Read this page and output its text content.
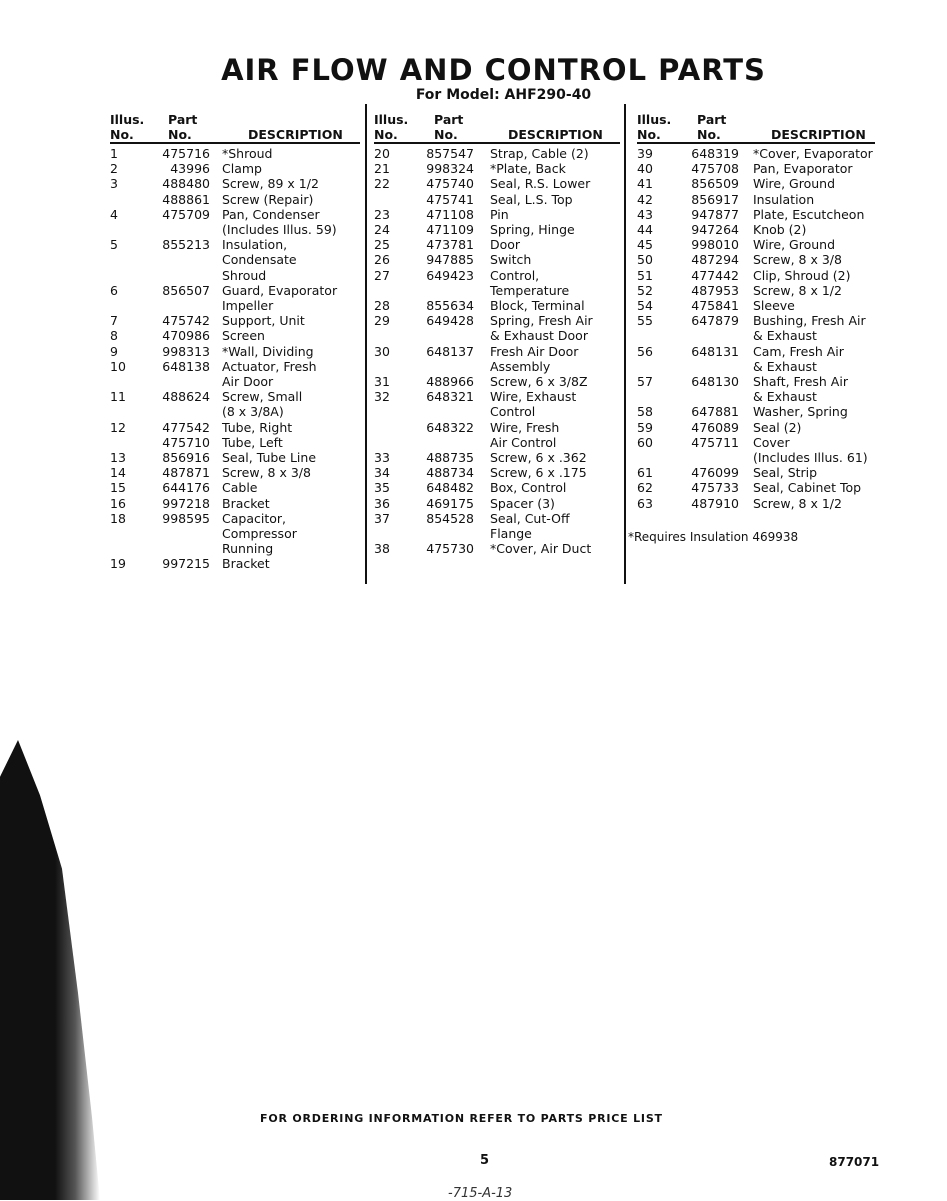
AIR FLOW AND CONTROL PARTS
For Model: AHF290-40
Illus.

No.
Part

No.	DESCRIPTION
1	475716 *Shroud
2	43996 Clamp
3	488480 Screw, 89 x 1/2
488861 Screw (Repair)
4	475709 Pan, Condenser
(Includes Illus. 59)
5	855213 Insulation,
Condensate
Shroud
6	856507 Guard, Evaporator
Impeller
7	475742 Support, Unit
8	470986 Screen
9	998313 *Wall, Dividing
10	648138 Actuator, Fresh
Air Door
11	488624 Screw, Small
(8 x 3/8A)
12	477542 Tube, Right
475710 Tube, Left
13	856916 Seal, Tube Line
14	487871 Screw, 8 x 3/8
15	644176 Cable
16	997218 Bracket
18	998595 Capacitor,
Compressor
Running
19	997215 Bracket
Illus.

No.
Part

No.	DESCRIPTION
20	857547 Strap, Cable (2)
21	998324 *Plate, Back
22	475740 Seal, R.S. Lower
475741 Seal, L.S. Top
23	471108 Pin
24	471109 Spring, Hinge
25	473781 Door
26	947885 Switch
27	649423 Control,
Temperature
28	855634 Block, Terminal
29	649428 Spring, Fresh Air
& Exhaust Door
30	648137 Fresh Air Door
Assembly
31	488966 Screw, 6 x 3/8Z
32	648321 Wire, Exhaust
Control
648322 Wire, Fresh
Air Control
33	488735 Screw, 6 x .362
34	488734 Screw, 6 x .175
35	648482 Box, Control
36	469175 Spacer (3)
37	854528 Seal, Cut-Off
Flange
38	475730 *Cover, Air Duct
Illus.

No.
Part

No.	DESCRIPTION
39	648319 *Cover, Evaporator
40	475708 Pan, Evaporator
41	856509 Wire, Ground
42	856917 Insulation
43	947877 Plate, Escutcheon
44	947264 Knob (2)
45	998010 Wire, Ground
50	487294 Screw, 8 x 3/8
51	477442 Clip, Shroud (2)
52	487953 Screw, 8 x 1/2
54	475841 Sleeve
55	647879 Bushing, Fresh Air
& Exhaust
56	648131 Cam, Fresh Air
& Exhaust
57	648130 Shaft, Fresh Air
& Exhaust
58	647881 Washer, Spring
59	476089 Seal (2)
60	475711 Cover
(Includes Illus. 61)
61	476099 Seal, Strip
62	475733 Seal, Cabinet Top
63	487910 Screw, 8 x 1/2
*Requires Insulation 469938
FOR ORDERING INFORMATION REFER TO PARTS PRICE LIST
5	877071
-715-A-13
